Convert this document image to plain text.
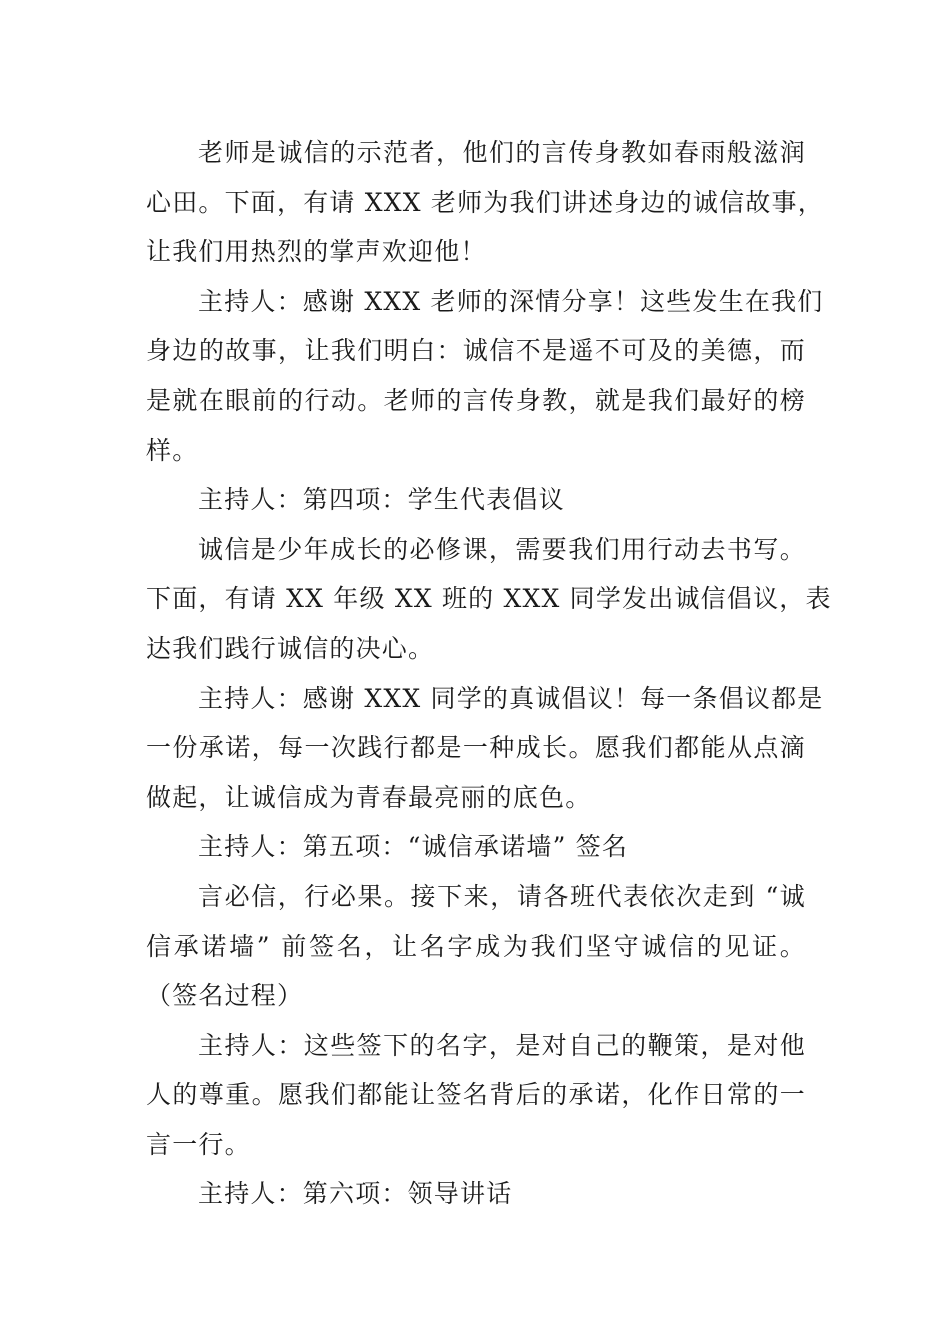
老师是诚信的示范者，他们的言传身教如春雨般滋润
心田。下面，有请 XXX 老师为我们讲述身边的诚信故事，
让我们用热烈的掌声欢迎他！
主持人：感谢 XXX 老师的深情分享！这些发生在我们
身边的故事，让我们明白：诚信不是遥不可及的美德，而
是就在眼前的行动。老师的言传身教，就是我们最好的榜
样。
主持人：第四项：学生代表倡议
诚信是少年成长的必修课，需要我们用行动去书写。
下面，有请 XX 年级 XX 班的 XXX 同学发出诚信倡议，表
达我们践行诚信的决心。
主持人：感谢 XXX 同学的真诚倡议！每一条倡议都是
一份承诺，每一次践行都是一种成长。愿我们都能从点滴
做起，让诚信成为青春最亮丽的底色。
主持人：第五项：“诚信承诺墙” 签名
言必信，行必果。接下来，请各班代表依次走到 “诚
信承诺墙” 前签名，让名字成为我们坚守诚信的见证。
（签名过程）
主持人：这些签下的名字，是对自己的鞭策，是对他
人的尊重。愿我们都能让签名背后的承诺，化作日常的一
言一行。
主持人：第六项：领导讲话
